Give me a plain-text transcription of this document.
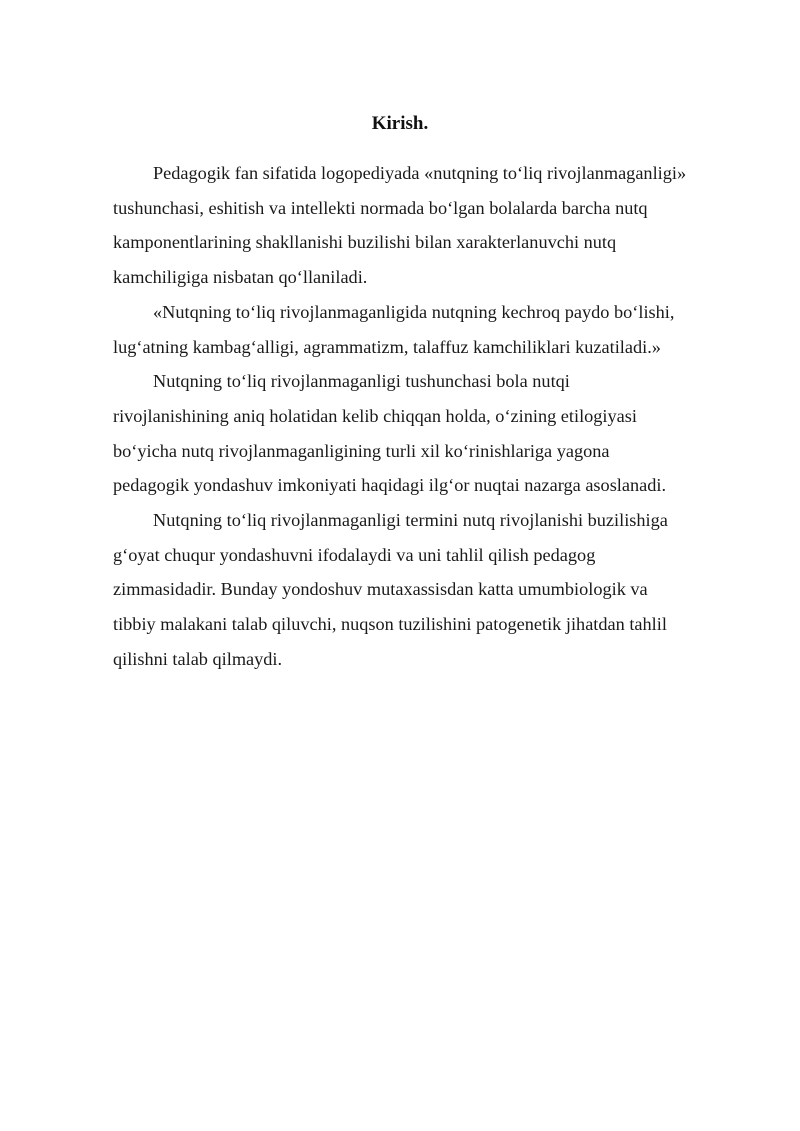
Kirish.

Pedagogik fan sifatida logopediyada «nutqning to‘liq rivojlanmaganligi»
tushunchasi, eshitish va intellekti normada bo‘lgan bolalarda barcha nutq
kamponentlarining shakllanishi buzilishi bilan xarakterlanuvchi nutq
kamchiligiga nisbatan qo‘llaniladi.

«Nutqning to‘liq rivojlanmaganligida nutqning kechroq paydo bo‘lishi,
lug‘atning kambag‘alligi, agrammatizm, talaffuz kamchiliklari kuzatiladi.»

Nutqning to‘liq rivojlanmaganligi tushunchasi bola nutqi
rivojlanishining aniq holatidan kelib chiqqan holda, o‘zining etilogiyasi
bo‘yicha nutq rivojlanmaganligining turli xil ko‘rinishlariga yagona
pedagogik yondashuv imkoniyati haqidagi ilg‘or nuqtai nazarga asoslanadi.

Nutqning to‘liq rivojlanmaganligi termini nutq rivojlanishi buzilishiga
g‘oyat chuqur yondashuvni ifodalaydi va uni tahlil qilish pedagog
zimmasidadir. Bunday yondoshuv mutaxassisdan katta umumbiologik va
tibbiy malakani talab qiluvchi, nuqson tuzilishini patogenetik jihatdan tahlil
qilishni talab qilmaydi.
